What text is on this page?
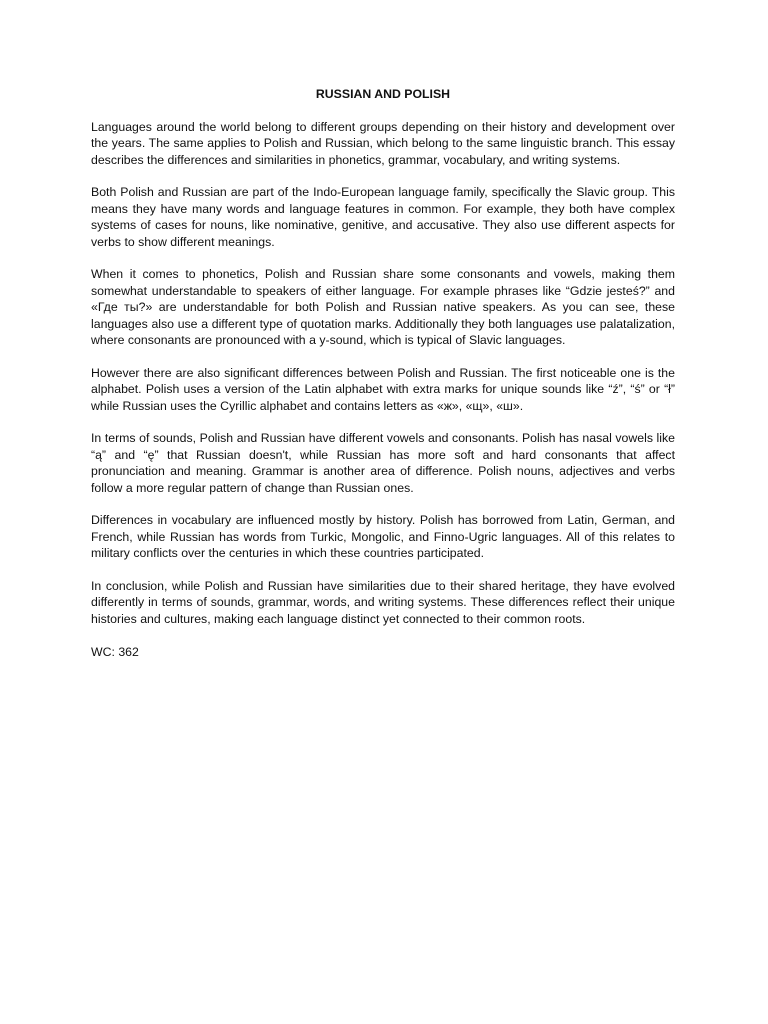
RUSSIAN AND POLISH

Languages around the world belong to different groups depending on their history and development over the years. The same applies to Polish and Russian, which belong to the same linguistic branch. This essay describes the differences and similarities in phonetics, grammar, vocabulary, and writing systems.

Both Polish and Russian are part of the Indo-European language family, specifically the Slavic group. This means they have many words and language features in common. For example, they both have complex systems of cases for nouns, like nominative, genitive, and accusative. They also use different aspects for verbs to show different meanings.

When it comes to phonetics, Polish and Russian share some consonants and vowels, making them somewhat understandable to speakers of either language. For example phrases like “Gdzie jesteś?” and «Где ты?» are understandable for both Polish and Russian native speakers. As you can see, these languages also use a different type of quotation marks. Additionally they both languages use palatalization, where consonants are pronounced with a y-sound, which is typical of Slavic languages.

However there are also significant differences between Polish and Russian. The first noticeable one is the alphabet. Polish uses a version of the Latin alphabet with extra marks for unique sounds like “ź”, “ś” or “ł” while Russian uses the Cyrillic alphabet and contains letters as «ж», «щ», «ш».

In terms of sounds, Polish and Russian have different vowels and consonants. Polish has nasal vowels like “ą” and “ę” that Russian doesn't, while Russian has more soft and hard consonants that affect pronunciation and meaning. Grammar is another area of difference. Polish nouns, adjectives and verbs follow a more regular pattern of change than Russian ones.

Differences in vocabulary are influenced mostly by history. Polish has borrowed from Latin, German, and French, while Russian has words from Turkic, Mongolic, and Finno-Ugric languages. All of this relates to military conflicts over the centuries in which these countries participated.

In conclusion, while Polish and Russian have similarities due to their shared heritage, they have evolved differently in terms of sounds, grammar, words, and writing systems. These differences reflect their unique histories and cultures, making each language distinct yet connected to their common roots.

WC: 362
